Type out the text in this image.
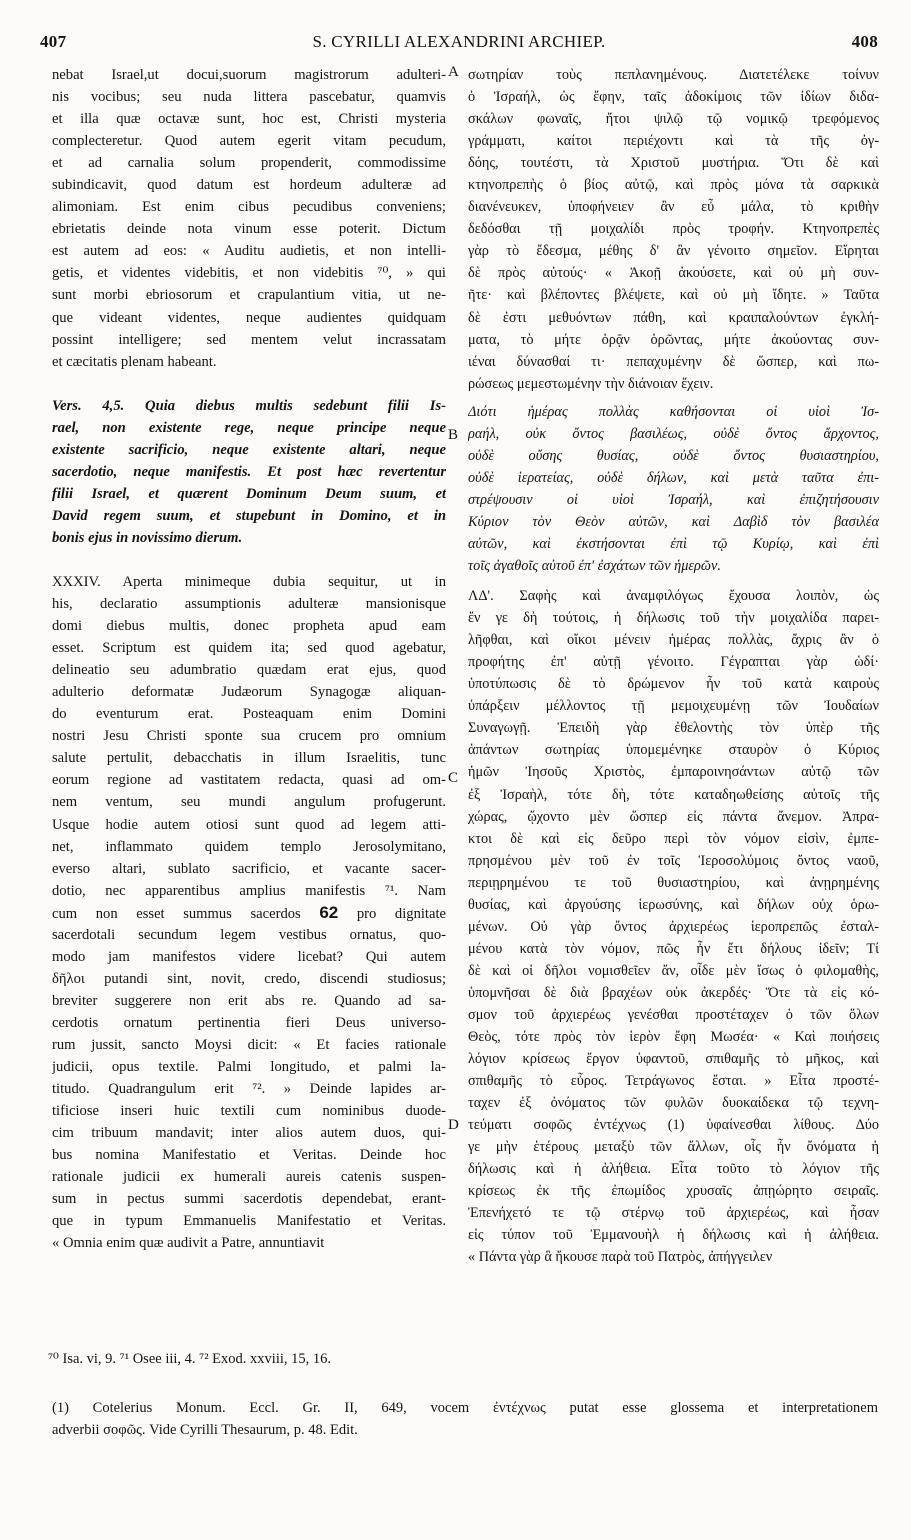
407	S. CYRILLI ALEXANDRINI ARCHIEP.	408
nebat Israel,ut docui,suorum magistrorum adulteri-
nis vocibus; seu nuda littera pascebatur, quamvis
et illa quæ octavæ sunt, hoc est, Christi mysteria
complecteretur. Quod autem egerit vitam pecudum,
et ad carnalia solum propenderit, commodissime
subindicavit, quod datum est hordeum adulteræ ad
alimoniam. Est enim cibus pecudibus conveniens;
ebrietatis deinde nota vinum esse poterit. Dictum
est autem ad eos: « Auditu audietis, et non intelli-
getis, et videntes videbitis, et non videbitis ⁷⁰, » qui
sunt morbi ebriosorum et crapulantium vitia, ut ne-
que videant videntes, neque audientes quidquam
possint intelligere; sed mentem velut incrassatam
et cæcitatis plenam habeant.
Vers. 4,5. Quia diebus multis sedebunt filii Is-
rael, non existente rege, neque principe neque
existente sacrificio, neque existente altari, neque
sacerdotio, neque manifestis. Et post hæc revertentur
filii Israel, et quærent Dominum Deum suum, et
David regem suum, et stupebunt in Domino, et in
bonis ejus in novissimo dierum.
XXXIV. Aperta minimeque dubia sequitur, ut in
his, declaratio assumptionis adulteræ mansionisque
domi diebus multis, donec propheta apud eam
esset. Scriptum est quidem ita; sed quod agebatur,
delineatio seu adumbratio quædam erat ejus, quod
adulterio deformatæ Judæorum Synagogæ aliquan-
do eventurum erat. Posteaquam enim Domini
nostri Jesu Christi sponte sua crucem pro omnium
salute pertulit, debacchatis in illum Israelitis, tunc
eorum regione ad vastitatem redacta, quasi ad om-
nem ventum, seu mundi angulum profugerunt.
Usque hodie autem otiosi sunt quod ad legem atti-
net, inflammato quidem templo Jerosolymitano,
everso altari, sublato sacrificio, et vacante sacer-
dotio, nec apparentibus amplius manifestis ⁷¹. Nam
cum non esset summus sacerdos 62 pro dignitate
sacerdotali secundum legem vestibus ornatus, quo-
modo jam manifestos videre licebat? Qui autem
δῆλοι putandi sint, novit, credo, discendi studiosus;
breviter suggerere non erit abs re. Quando ad sa-
cerdotis ornatum pertinentia fieri Deus universo-
rum jussit, sancto Moysi dicit: « Et facies rationale
judicii, opus textile. Palmi longitudo, et palmi la-
titudo. Quadrangulum erit ⁷². » Deinde lapides ar-
tificiose inseri huic textili cum nominibus duode-
cim tribuum mandavit; inter alios autem duos, qui-
bus nomina Manifestatio et Veritas. Deinde hoc
rationale judicii ex humerali aureis catenis suspen-
sum in pectus summi sacerdotis dependebat, erant-
que in typum Emmanuelis Manifestatio et Veritas.
« Omnia enim quæ audivit a Patre, annuntiavit
A
B
C
D
σωτηρίαν τοὺς πεπλανημένους. Διατετέλεκε τοίνυν
ὁ Ἰσραήλ, ὡς ἔφην, ταῖς ἀδοκίμοις τῶν ἰδίων διδα-
σκάλων φωναῖς, ἤτοι ψιλῷ τῷ νομικῷ τρεφόμενος
γράμματι, καίτοι περιέχοντι καὶ τὰ τῆς ὀγ-
δόης, τουτέστι, τὰ Χριστοῦ μυστήρια. Ὅτι δὲ καὶ
κτηνοπρεπὴς ὁ βίος αὐτῷ, καὶ πρὸς μόνα τὰ σαρκικὰ
διανένευκεν, ὑποφήνειεν ἂν εὖ μάλα, τὸ κριθὴν
δεδόσθαι τῇ μοιχαλίδι πρὸς τροφήν. Κτηνοπρεπὲς
γὰρ τὸ ἔδεσμα, μέθης δ' ἂν γένοιτο σημεῖον. Εἴρηται
δὲ πρὸς αὐτούς· « Ἀκοῇ ἀκούσετε, καὶ οὐ μὴ συν-
ῆτε· καὶ βλέποντες βλέψετε, καὶ οὐ μὴ ἴδητε. » Ταῦτα
δὲ ἐστι μεθυόντων πάθη, καὶ κραιπαλούντων ἐγκλή-
ματα, τὸ μήτε ὁρᾷν ὁρῶντας, μήτε ἀκούοντας συν-
ιέναι δύνασθαί τι· πεπαχυμένην δὲ ὥσπερ, καὶ πω-
ρώσεως μεμεστωμένην τὴν διάνοιαν ἔχειν.
Διότι ἡμέρας πολλὰς καθήσονται οἱ υἱοὶ Ἰσ-
ραήλ, οὐκ ὄντος βασιλέως, οὐδὲ ὄντος ἄρχοντος,
οὐδὲ οὔσης θυσίας, οὐδὲ ὄντος θυσιαστηρίου,
οὐδὲ ἱερατείας, οὐδὲ δήλων, καὶ μετὰ ταῦτα ἐπι-
στρέψουσιν οἱ υἱοὶ Ἰσραήλ, καὶ ἐπιζητήσουσιν
Κύριον τὸν Θεὸν αὐτῶν, καὶ Δαβὶδ τὸν βασιλέα
αὐτῶν, καὶ ἐκστήσονται ἐπὶ τῷ Κυρίῳ, καὶ ἐπὶ
τοῖς ἀγαθοῖς αὐτοῦ ἐπ' ἐσχάτων τῶν ἡμερῶν.
ΛΔ'. Σαφὴς καὶ ἀναμφιλόγως ἔχουσα λοιπὸν, ὡς
ἔν γε δὴ τούτοις, ἡ δήλωσις τοῦ τὴν μοιχαλίδα παρει-
λῆφθαι, καὶ οἴκοι μένειν ἡμέρας πολλὰς, ἄχρις ἂν ὁ
προφήτης ἐπ' αὐτῇ γένοιτο. Γέγραπται γὰρ ὡδί·
ὑποτύπωσις δὲ τὸ δρώμενον ἦν τοῦ κατὰ καιροὺς
ὑπάρξειν μέλλοντος τῇ μεμοιχευμένῃ τῶν Ἰουδαίων
Συναγωγῇ. Ἐπειδὴ γὰρ ἐθελοντὴς τὸν ὑπὲρ τῆς
ἁπάντων σωτηρίας ὑπομεμένηκε σταυρὸν ὁ Κύριος
ἡμῶν Ἰησοῦς Χριστὸς, ἐμπαροινησάντων αὐτῷ τῶν
ἐξ Ἰσραὴλ, τότε δὴ, τότε καταδηωθείσης αὐτοῖς τῆς
χώρας, ᾤχοντο μὲν ὥσπερ εἰς πάντα ἄνεμον. Ἀπρα-
κτοι δὲ καὶ εἰς δεῦρο περὶ τὸν νόμον εἰσὶν, ἐμπε-
πρησμένου μὲν τοῦ ἐν τοῖς Ἱεροσολύμοις ὄντος ναοῦ,
περιῃρημένου τε τοῦ θυσιαστηρίου, καὶ ἀνῃρημένης
θυσίας, καὶ ἀργούσης ἱερωσύνης, καὶ δήλων οὐχ ὁρω-
μένων. Οὐ γὰρ ὄντος ἀρχιερέως ἱεροπρεπῶς ἐσταλ-
μένου κατὰ τὸν νόμον, πῶς ἦν ἔτι δήλους ἰδεῖν; Τί
δὲ καὶ οἱ δῆλοι νομισθεῖεν ἄν, οἶδε μὲν ἴσως ὁ φιλομαθὴς,
ὑπομνῆσαι δὲ διὰ βραχέων οὐκ ἀκερδές· Ὅτε τὰ εἰς κό-
σμον τοῦ ἀρχιερέως γενέσθαι προστέταχεν ὁ τῶν ὅλων
Θεὸς, τότε πρὸς τὸν ἱερὸν ἔφη Μωσέα· « Καὶ ποιήσεις
λόγιον κρίσεως ἔργον ὑφαντοῦ, σπιθαμῆς τὸ μῆκος, καὶ
σπιθαμῆς τὸ εὖρος. Τετράγωνος ἔσται. » Εἶτα προστέ-
ταχεν ἐξ ὀνόματος τῶν φυλῶν δυοκαίδεκα τῷ τεχνη-
τεύματι σοφῶς ἐντέχνως (1) ὑφαίνεσθαι λίθους. Δύο
γε μὴν ἑτέρους μεταξὺ τῶν ἄλλων, οἷς ἦν ὄνόματα ἡ
δήλωσις καὶ ἡ ἀλήθεια. Εἶτα τοῦτο τὸ λόγιον τῆς
κρίσεως ἐκ τῆς ἐπωμίδος χρυσαῖς ἀπῃώρητο σειραῖς.
Ἐπενήχετό τε τῷ στέρνῳ τοῦ ἀρχιερέως, καὶ ἦσαν
εἰς τύπον τοῦ Ἐμμανουὴλ ἡ δήλωσις καὶ ἡ ἀλήθεια.
« Πάντα γὰρ ἃ ἤκουσε παρὰ τοῦ Πατρὸς, ἀπήγγειλεν
⁷⁰ Isa. vi, 9. ⁷¹ Osee iii, 4. ⁷² Exod. xxviii, 15, 16.
(1) Cotelerius Monum. Eccl. Gr. II, 649, vocem ἐντέχνως putat esse glossema et interpretationem
adverbii σοφῶς. Vide Cyrilli Thesaurum, p. 48. Edit.
